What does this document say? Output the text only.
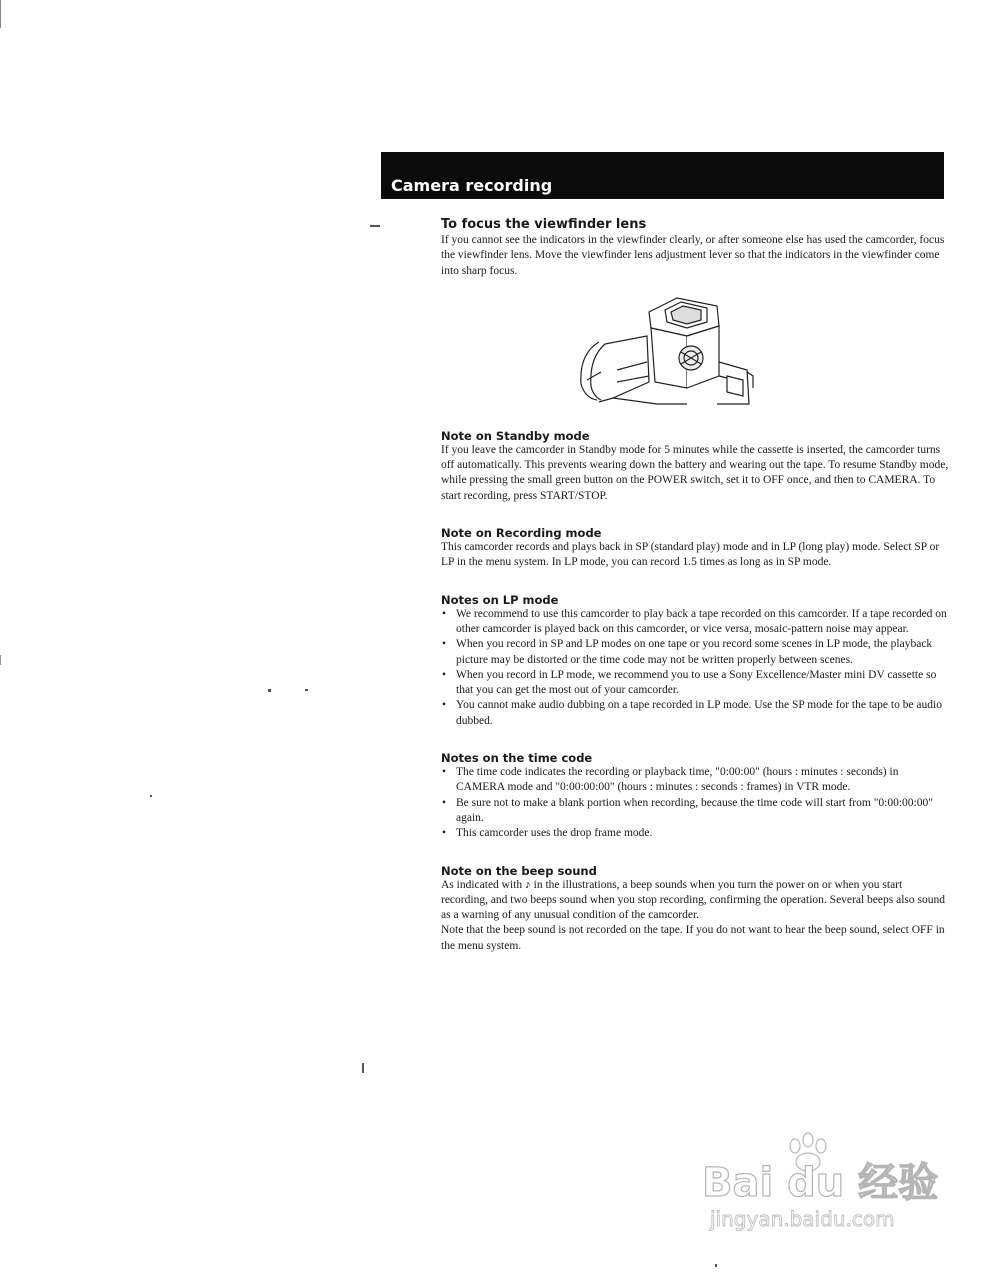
Camera recording
To focus the viewfinder lens

If you cannot see the indicators in the viewfinder clearly, or after someone else has used the camcorder, focus the viewfinder lens. Move the viewfinder lens adjustment lever so that the indicators in the viewfinder come into sharp focus.

Note on Standby mode

If you leave the camcorder in Standby mode for 5 minutes while the cassette is inserted, the camcorder turns off automatically. This prevents wearing down the battery and wearing out the tape. To resume Standby mode, while pressing the small green button on the POWER switch, set it to OFF once, and then to CAMERA. To start recording, press START/STOP.

Note on Recording mode

This camcorder records and plays back in SP (standard play) mode and in LP (long play) mode. Select SP or LP in the menu system. In LP mode, you can record 1.5 times as long as in SP mode.

Notes on LP mode
• We recommend to use this camcorder to play back a tape recorded on this camcorder. If a tape recorded on other camcorder is played back on this camcorder, or vice versa, mosaic-pattern noise may appear.
• When you record in SP and LP modes on one tape or you record some scenes in LP mode, the playback picture may be distorted or the time code may not be written properly between scenes.
• When you record in LP mode, we recommend you to use a Sony Excellence/Master mini DV cassette so that you can get the most out of your camcorder.
• You cannot make audio dubbing on a tape recorded in LP mode. Use the SP mode for the tape to be audio dubbed.
Notes on the time code
• The time code indicates the recording or playback time, "0:00:00" (hours : minutes : seconds) in CAMERA mode and "0:00:00:00" (hours : minutes : seconds : frames) in VTR mode.
• Be sure not to make a blank portion when recording, because the time code will start from "0:00:00:00" again.
• This camcorder uses the drop frame mode.
Note on the beep sound

As indicated with ♪ in the illustrations, a beep sounds when you turn the power on or when you start recording, and two beeps sound when you stop recording, confirming the operation. Several beeps also sound as a warning of any unusual condition of the camcorder.

Note that the beep sound is not recorded on the tape. If you do not want to hear the beep sound, select OFF in the menu system.

Bai du 经验
jingyan.baidu.com
